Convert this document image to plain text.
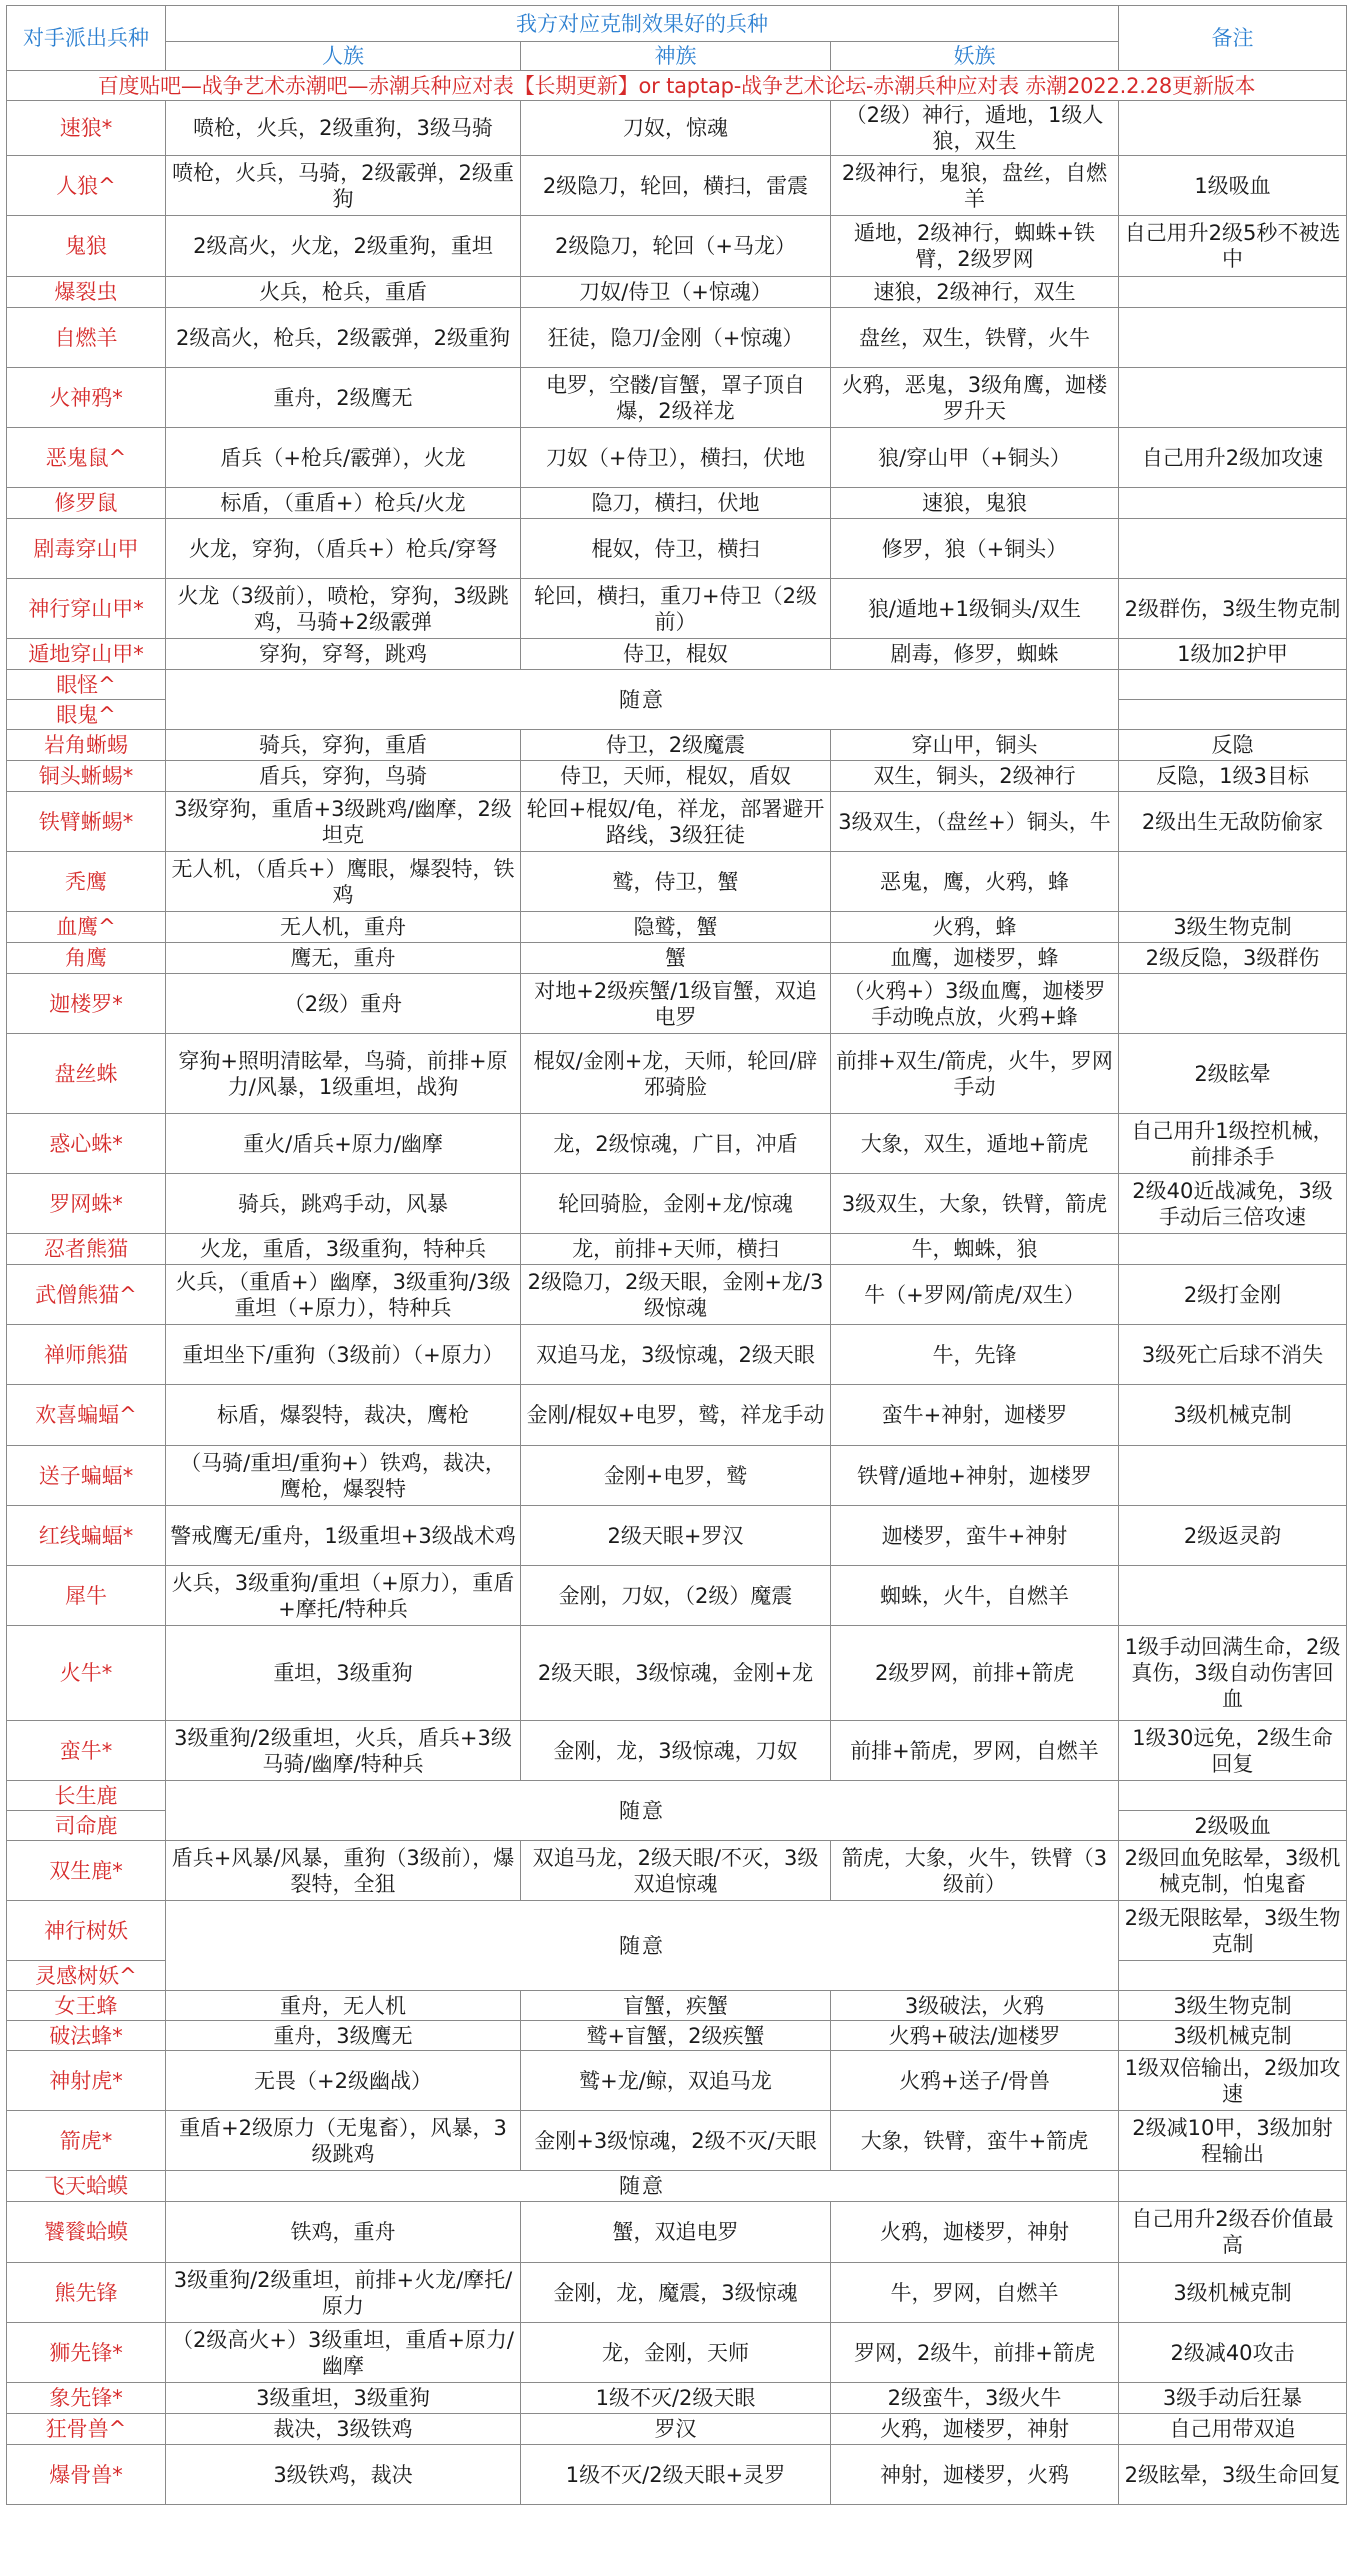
对手派出兵种	我方对应克制效果好的兵种			备注
	人族	神族	妖族	
百度贴吧—战争艺术赤潮吧—赤潮兵种应对表【长期更新】or taptap-战争艺术论坛-赤潮兵种应对表 赤潮2022.2.28更新版本				
速狼*	喷枪，火兵，2级重狗，3级马骑	刀奴，惊魂	（2级）神行，遁地，1级人狼，双生	
人狼^	喷枪，火兵，马骑，2级霰弹，2级重狗	2级隐刀，轮回，横扫，雷震	2级神行，鬼狼，盘丝，自燃羊	1级吸血
鬼狼	2级高火，火龙，2级重狗，重坦	2级隐刀，轮回（+马龙）	遁地，2级神行，蜘蛛+铁臂，2级罗网	自己用升2级5秒不被选中
爆裂虫	火兵，枪兵，重盾	刀奴/侍卫（+惊魂）	速狼，2级神行，双生	
自燃羊	2级高火，枪兵，2级霰弹，2级重狗	狂徒，隐刀/金刚（+惊魂）	盘丝，双生，铁臂，火牛	
火神鸦*	重舟，2级鹰无	电罗，空髅/盲蟹，罩子顶自爆，2级祥龙	火鸦，恶鬼，3级角鹰，迦楼罗升天	
恶鬼鼠^	盾兵（+枪兵/霰弹），火龙	刀奴（+侍卫），横扫，伏地	狼/穿山甲（+铜头）	自己用升2级加攻速
修罗鼠	标盾，（重盾+）枪兵/火龙	隐刀，横扫，伏地	速狼，鬼狼	
剧毒穿山甲	火龙，穿狗，（盾兵+）枪兵/穿弩	棍奴，侍卫，横扫	修罗，狼（+铜头）	
神行穿山甲*	火龙（3级前），喷枪，穿狗，3级跳鸡，马骑+2级霰弹	轮回，横扫，重刀+侍卫（2级前）	狼/遁地+1级铜头/双生	2级群伤，3级生物克制
遁地穿山甲*	穿狗，穿弩，跳鸡	侍卫，棍奴	剧毒，修罗，蜘蛛	1级加2护甲
眼怪^	随意			
眼鬼^				
岩角蜥蜴	骑兵，穿狗，重盾	侍卫，2级魔震	穿山甲，铜头	反隐
铜头蜥蜴*	盾兵，穿狗，鸟骑	侍卫，天师，棍奴，盾奴	双生，铜头，2级神行	反隐，1级3目标
铁臂蜥蜴*	3级穿狗，重盾+3级跳鸡/幽摩，2级坦克	轮回+棍奴/龟，祥龙，部署避开路线，3级狂徒	3级双生，（盘丝+）铜头，牛	2级出生无敌防偷家
秃鹰	无人机，（盾兵+）鹰眼，爆裂特，铁鸡	鹫，侍卫，蟹	恶鬼，鹰，火鸦，蜂	
血鹰^	无人机，重舟	隐鹫，蟹	火鸦，蜂	3级生物克制
角鹰	鹰无，重舟	蟹	血鹰，迦楼罗，蜂	2级反隐，3级群伤
迦楼罗*	（2级）重舟	对地+2级疾蟹/1级盲蟹，双追电罗	（火鸦+）3级血鹰，迦楼罗手动晚点放，火鸦+蜂	
盘丝蛛	穿狗+照明清眩晕，鸟骑，前排+原力/风暴，1级重坦，战狗	棍奴/金刚+龙，天师，轮回/辟邪骑脸	前排+双生/箭虎，火牛，罗网手动	2级眩晕
惑心蛛*	重火/盾兵+原力/幽摩	龙，2级惊魂，广目，冲盾	大象，双生，遁地+箭虎	自己用升1级控机械，前排杀手
罗网蛛*	骑兵，跳鸡手动，风暴	轮回骑脸，金刚+龙/惊魂	3级双生，大象，铁臂，箭虎	2级40近战减免，3级手动后三倍攻速
忍者熊猫	火龙，重盾，3级重狗，特种兵	龙，前排+天师，横扫	牛，蜘蛛，狼	
武僧熊猫^	火兵，（重盾+）幽摩，3级重狗/3级重坦（+原力），特种兵	2级隐刀，2级天眼，金刚+龙/3级惊魂	牛（+罗网/箭虎/双生）	2级打金刚
禅师熊猫	重坦坐下/重狗（3级前）（+原力）	双追马龙，3级惊魂，2级天眼	牛，先锋	3级死亡后球不消失
欢喜蝙蝠^	标盾，爆裂特，裁决，鹰枪	金刚/棍奴+电罗，鹫，祥龙手动	蛮牛+神射，迦楼罗	3级机械克制
送子蝙蝠*	（马骑/重坦/重狗+）铁鸡，裁决，鹰枪，爆裂特	金刚+电罗，鹫	铁臂/遁地+神射，迦楼罗	
红线蝙蝠*	警戒鹰无/重舟，1级重坦+3级战术鸡	2级天眼+罗汉	迦楼罗，蛮牛+神射	2级返灵韵
犀牛	火兵，3级重狗/重坦（+原力），重盾+摩托/特种兵	金刚，刀奴，（2级）魔震	蜘蛛，火牛，自燃羊	
火牛*	重坦，3级重狗	2级天眼，3级惊魂，金刚+龙	2级罗网，前排+箭虎	1级手动回满生命，2级真伤，3级自动伤害回血
蛮牛*	3级重狗/2级重坦，火兵，盾兵+3级马骑/幽摩/特种兵	金刚，龙，3级惊魂，刀奴	前排+箭虎，罗网，自燃羊	1级30远免，2级生命回复
长生鹿	随意			
司命鹿				2级吸血
双生鹿*	盾兵+风暴/风暴，重狗（3级前），爆裂特，全狙	双追马龙，2级天眼/不灭，3级双追惊魂	箭虎，大象，火牛，铁臂（3级前）	2级回血免眩晕，3级机械克制，怕鬼畜
神行树妖	随意			2级无限眩晕，3级生物克制
灵感树妖^				
女王蜂	重舟，无人机	盲蟹，疾蟹	3级破法，火鸦	3级生物克制
破法蜂*	重舟，3级鹰无	鹫+盲蟹，2级疾蟹	火鸦+破法/迦楼罗	3级机械克制
神射虎*	无畏（+2级幽战）	鹫+龙/鲸，双追马龙	火鸦+送子/骨兽	1级双倍输出，2级加攻速
箭虎*	重盾+2级原力（无鬼畜），风暴，3级跳鸡	金刚+3级惊魂，2级不灭/天眼	大象，铁臂，蛮牛+箭虎	2级减10甲，3级加射程输出
飞天蛤蟆	随意			
饕餮蛤蟆	铁鸡，重舟	蟹，双追电罗	火鸦，迦楼罗，神射	自己用升2级吞价值最高
熊先锋	3级重狗/2级重坦，前排+火龙/摩托/原力	金刚，龙，魔震，3级惊魂	牛，罗网，自燃羊	3级机械克制
狮先锋*	（2级高火+）3级重坦，重盾+原力/幽摩	龙，金刚，天师	罗网，2级牛，前排+箭虎	2级减40攻击
象先锋*	3级重坦，3级重狗	1级不灭/2级天眼	2级蛮牛，3级火牛	3级手动后狂暴
狂骨兽^	裁决，3级铁鸡	罗汉	火鸦，迦楼罗，神射	自己用带双追
爆骨兽*	3级铁鸡，裁决	1级不灭/2级天眼+灵罗	神射，迦楼罗，火鸦	2级眩晕，3级生命回复
